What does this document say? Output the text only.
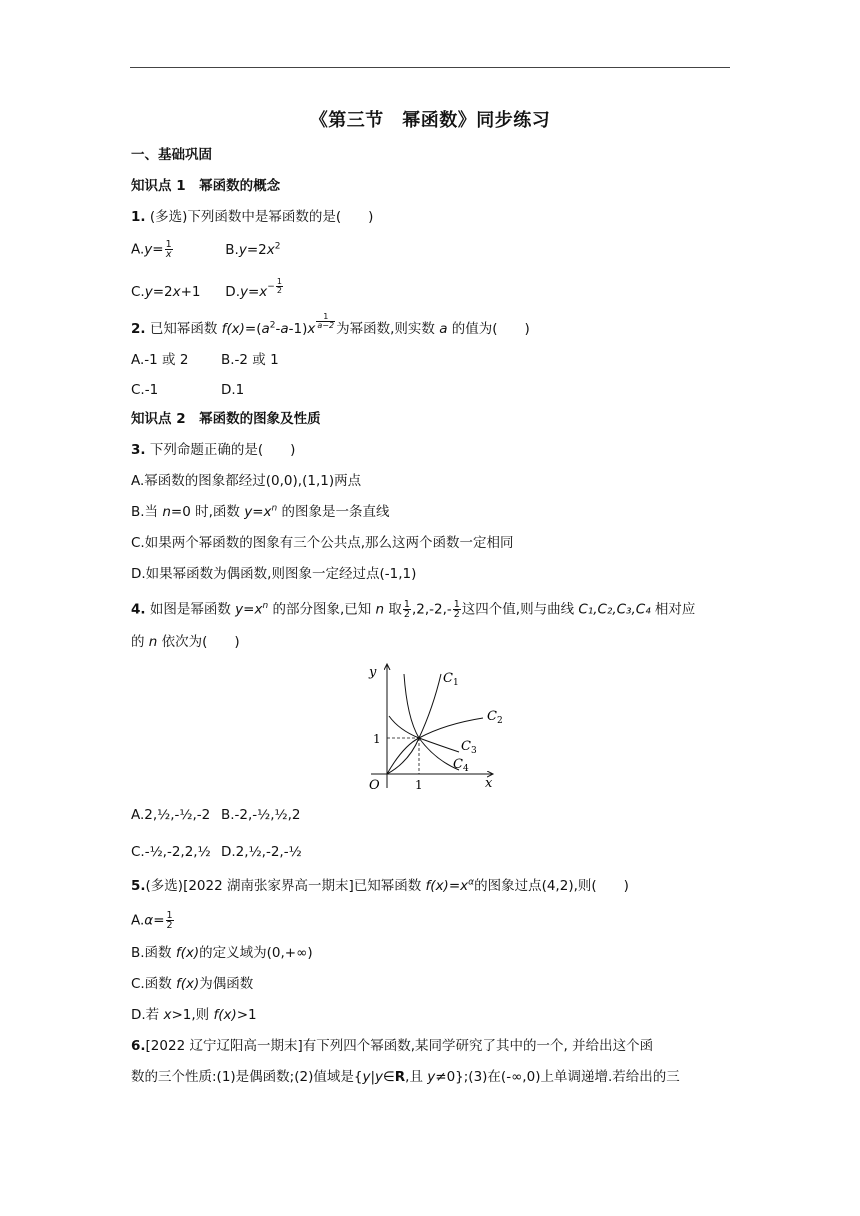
《第三节　幂函数》同步练习
一、基础巩固
知识点 1　幂函数的概念
1. (多选)下列函数中是幂函数的是(　　)
$A.y= \frac{1}{x}$	$B.y=2x^2$
C.y=2x+1 $D.y=x^{- \frac{1}{2}}$
2. 已知幂函数 $f(x)=(a^2-a-1)x \frac{1}{a-2}$ 为幂函数,则实数 a 的值为(　　)
A.-1 或 2 B.-2 或 1
C.-1	D.1
知识点 2　幂函数的图象及性质
3. 下列命题正确的是(　　)
A.幂函数的图象都经过(0,0),(1,1)两点
B.当 n=0 时,函数 $y=x^n$ 的图象是一条直线
C.如果两个幂函数的图象有三个公共点,那么这两个函数一定相同
D.如果幂函数为偶函数,则图象一定经过点(-1,1)
4. 如图是幂函数 $y=x^n$ 的部分图象,已知 n 取 $\frac{1}{2} ,2,-2,- \frac{1}{2}$ 这四个值,则与曲线 C₁,C₂,C₃,C₄ 相对应
的 n 依次为(　　)
y
x
O	1
1
$C_1$
$C_2$
$C_3$
$C_4$
A.2,½,-½,-2 B.-2,-½,½,2
C.-½,-2,2,½ D.2,½,-2,-½
5.(多选)[2022 湖南张家界高一期末]已知幂函数 $f(x)=x^\alpha$的图象过点(4,2),则(　　)
$A.\alpha= \frac{1}{2}$
B.函数 f(x)的定义域为(0,+∞)
C.函数 f(x)为偶函数
D.若 x>1,则 f(x)>1
6.[2022 辽宁辽阳高一期末]有下列四个幂函数,某同学研究了其中的一个, 并给出这个函
数的三个性质:(1)是偶函数;(2)值域是{y|y∈R,且 y≠0};(3)在(-∞,0)上单调递增.若给出的三
